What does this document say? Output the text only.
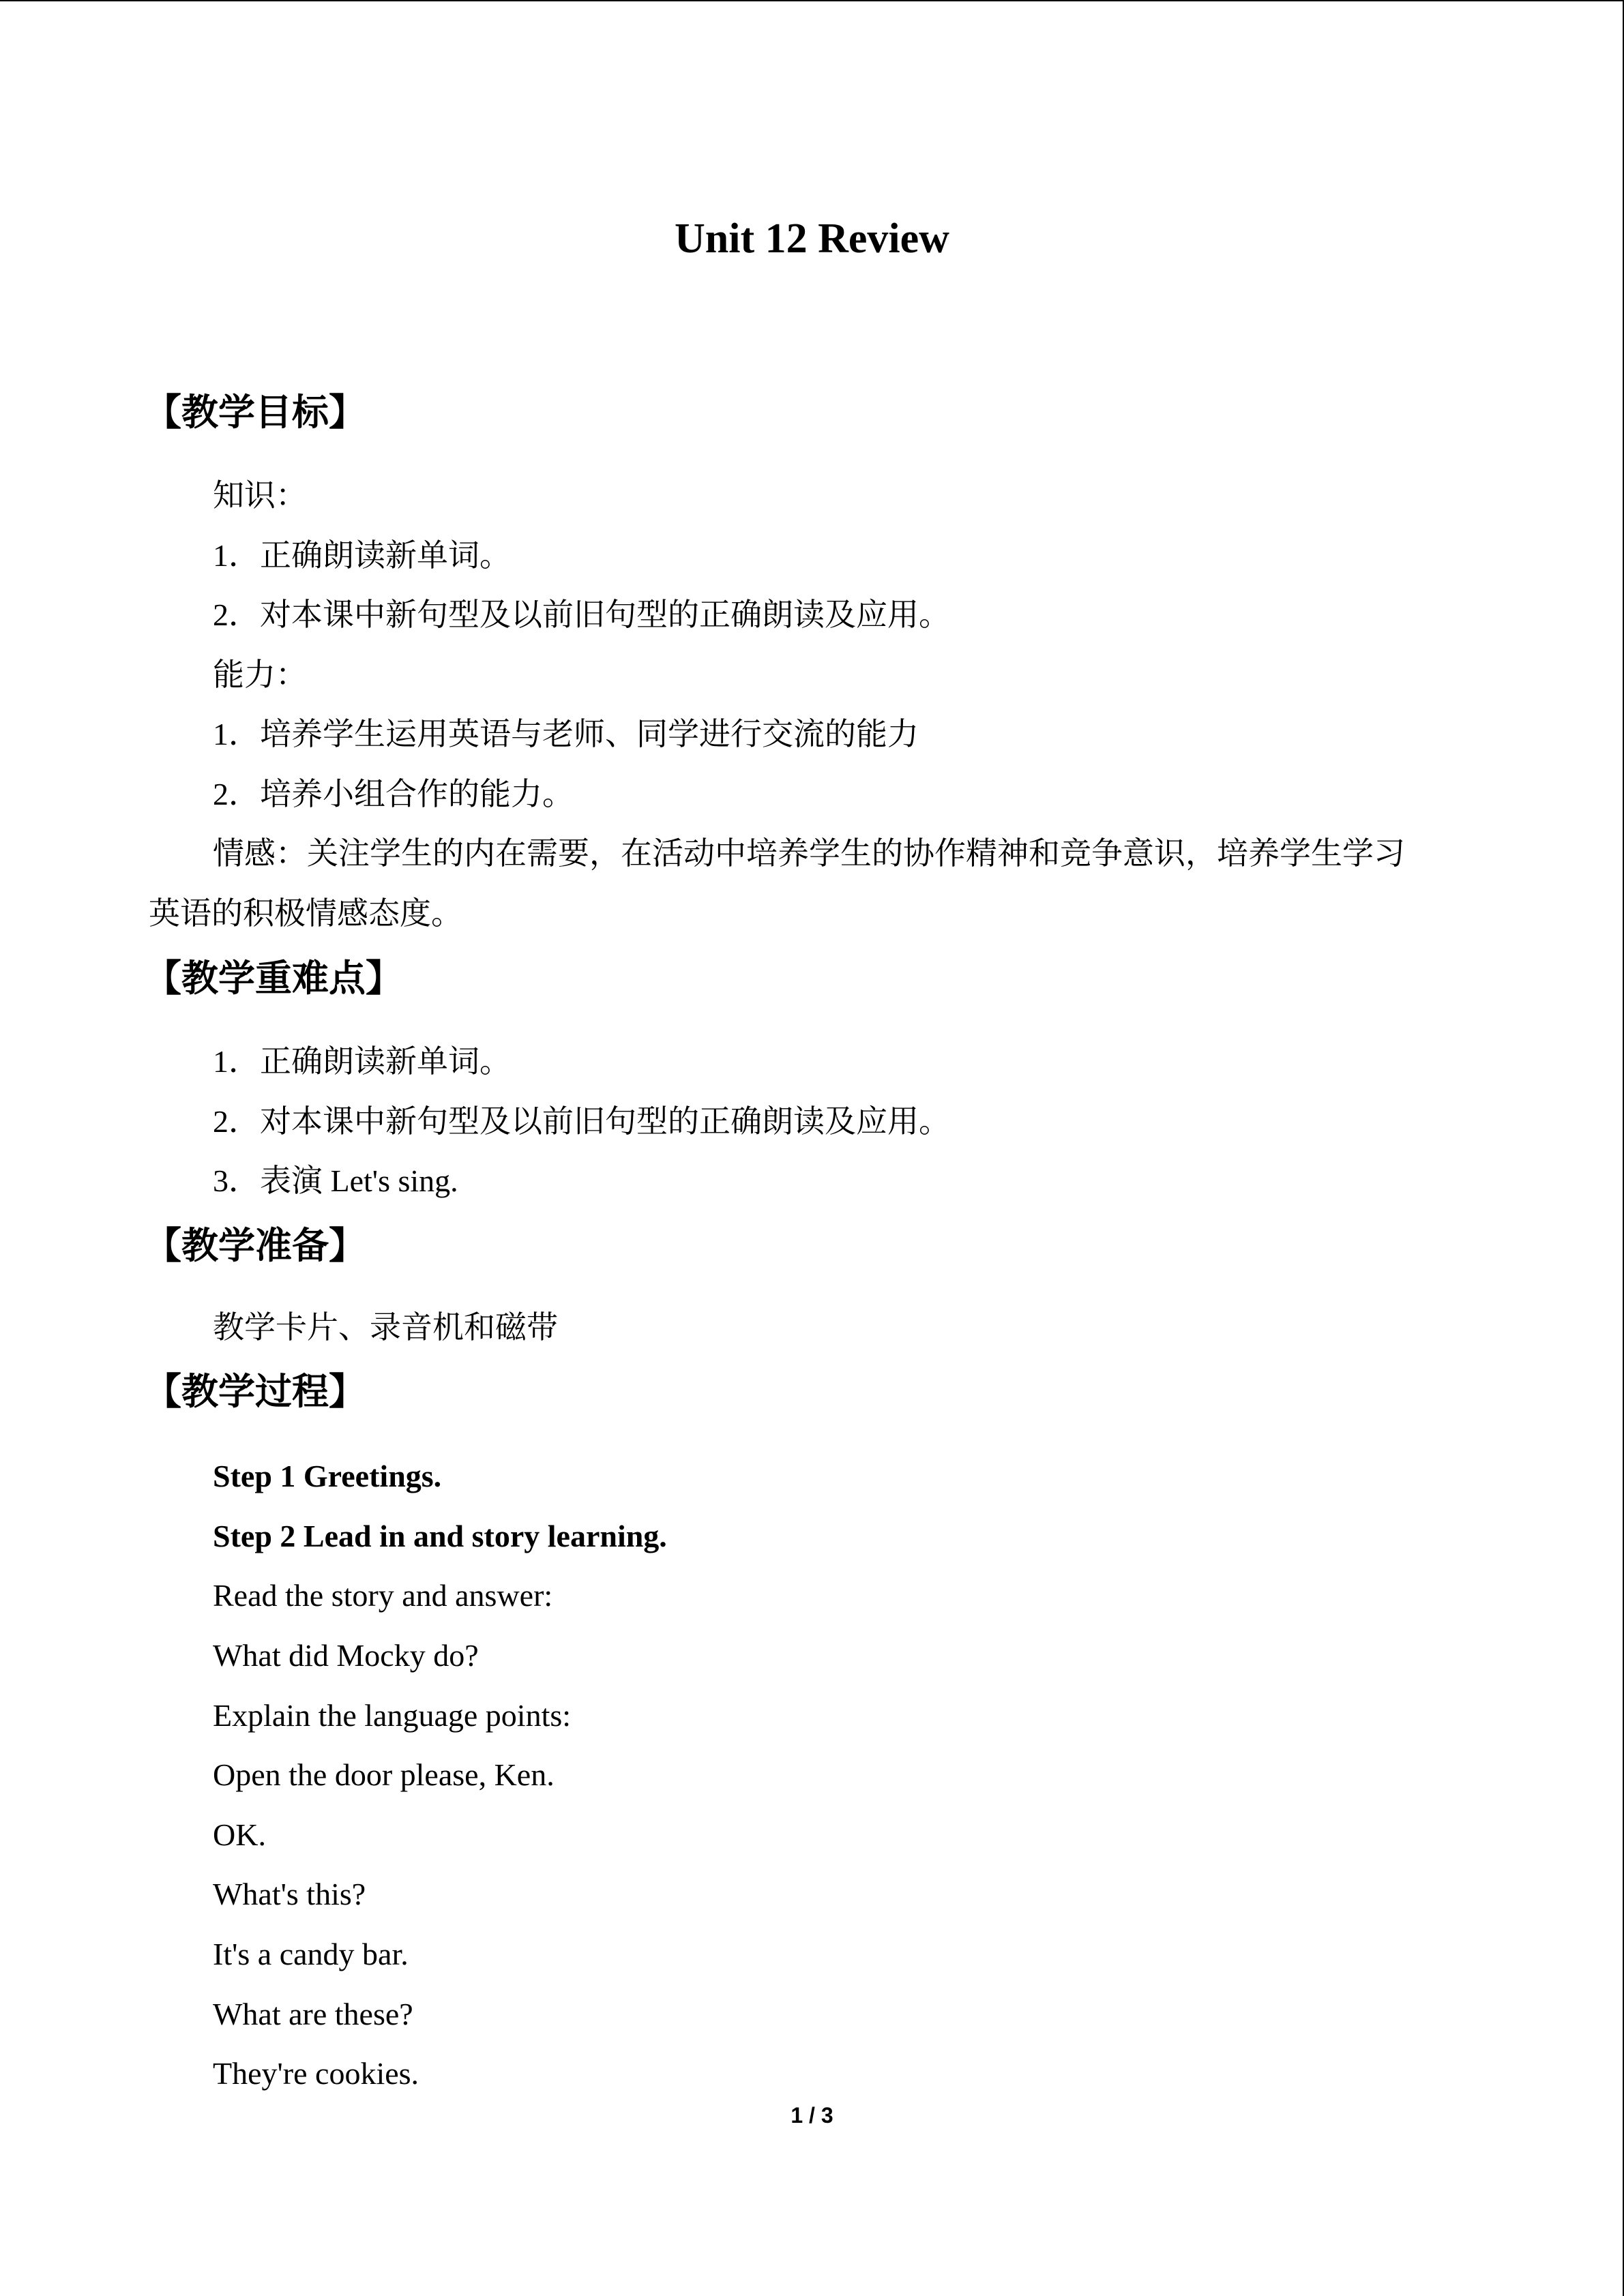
Unit 12 Review
【教学目标】
知识：
1．正确朗读新单词。
2．对本课中新句型及以前旧句型的正确朗读及应用。
能力：
1．培养学生运用英语与老师、同学进行交流的能力
2．培养小组合作的能力。
情感：关注学生的内在需要，在活动中培养学生的协作精神和竞争意识，培养学生学习
英语的积极情感态度。
【教学重难点】
1．正确朗读新单词。
2．对本课中新句型及以前旧句型的正确朗读及应用。
3．表演 Let's sing.
【教学准备】
教学卡片、录音机和磁带
【教学过程】
Step 1 Greetings.
Step 2 Lead in and story learning.
Read the story and answer:
What did Mocky do?
Explain the language points:
Open the door please, Ken.
OK.
What's this?
It's a candy bar.
What are these?
They're cookies.
1 / 3
